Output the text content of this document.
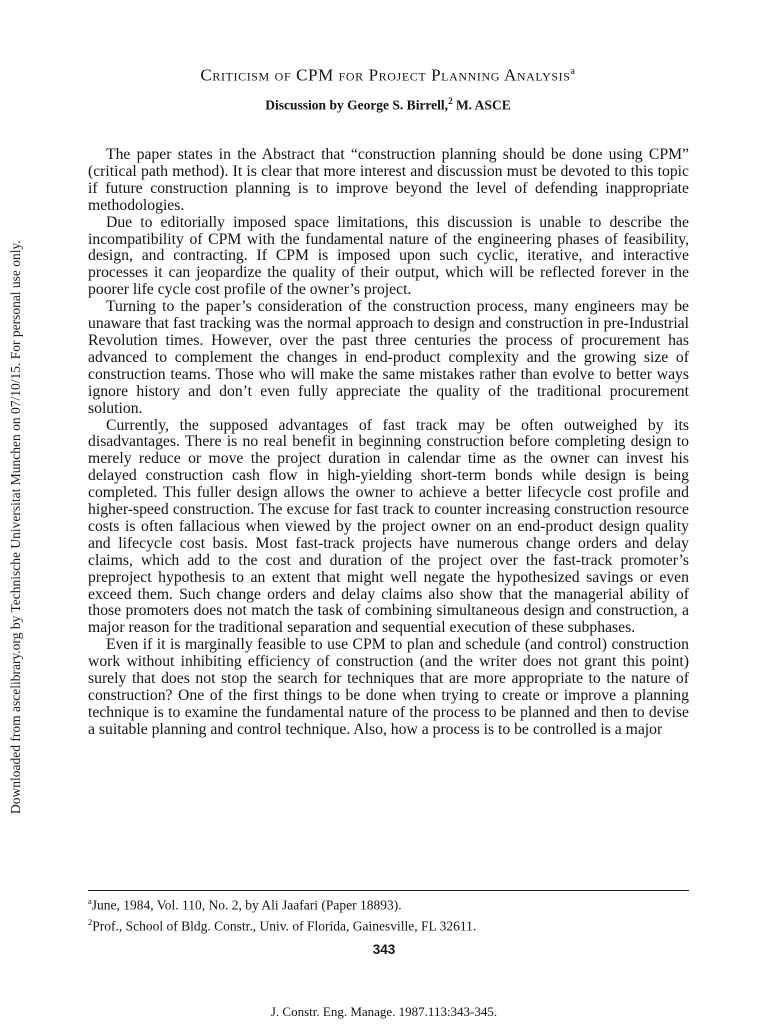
Downloaded from ascelibrary.org by Technische Universitat Munchen on 07/10/15. For personal use only.
Criticism of CPM for Project Planning Analysis$^a$

Discussion by George S. Birrell,$^2$ M. ASCE

The paper states in the Abstract that “construction planning should be done using CPM” (critical path method). It is clear that more interest and discussion must be devoted to this topic if future construction planning is to improve beyond the level of defending inappropriate methodologies.

Due to editorially imposed space limitations, this discussion is unable to describe the incompatibility of CPM with the fundamental nature of the engineering phases of feasibility, design, and contracting. If CPM is imposed upon such cyclic, iterative, and interactive processes it can jeopardize the quality of their output, which will be reflected forever in the poorer life cycle cost profile of the owner’s project.

Turning to the paper’s consideration of the construction process, many engineers may be unaware that fast tracking was the normal approach to design and construction in pre-Industrial Revolution times. However, over the past three centuries the process of procurement has advanced to complement the changes in end-product complexity and the growing size of construction teams. Those who will make the same mistakes rather than evolve to better ways ignore history and don’t even fully appreciate the quality of the traditional procurement solution.

Currently, the supposed advantages of fast track may be often outweighed by its disadvantages. There is no real benefit in beginning construction before completing design to merely reduce or move the project duration in calendar time as the owner can invest his delayed construction cash flow in high-yielding short-term bonds while design is being completed. This fuller design allows the owner to achieve a better lifecycle cost profile and higher-speed construction. The excuse for fast track to counter increasing construction resource costs is often fallacious when viewed by the project owner on an end-product design quality and lifecycle cost basis. Most fast-track projects have numerous change orders and delay claims, which add to the cost and duration of the project over the fast-track promoter’s preproject hypothesis to an extent that might well negate the hypothesized savings or even exceed them. Such change orders and delay claims also show that the managerial ability of those promoters does not match the task of combining simultaneous design and construction, a major reason for the traditional separation and sequential execution of these subphases.

Even if it is marginally feasible to use CPM to plan and schedule (and control) construction work without inhibiting efficiency of construction (and the writer does not grant this point) surely that does not stop the search for techniques that are more appropriate to the nature of construction? One of the first things to be done when trying to create or improve a planning technique is to examine the fundamental nature of the process to be planned and then to devise a suitable planning and control technique. Also, how a process is to be controlled is a major

$^a$June, 1984, Vol. 110, No. 2, by Ali Jaafari (Paper 18893).

$^2$Prof., School of Bldg. Constr., Univ. of Florida, Gainesville, FL 32611.

343
J. Constr. Eng. Manage. 1987.113:343-345.
